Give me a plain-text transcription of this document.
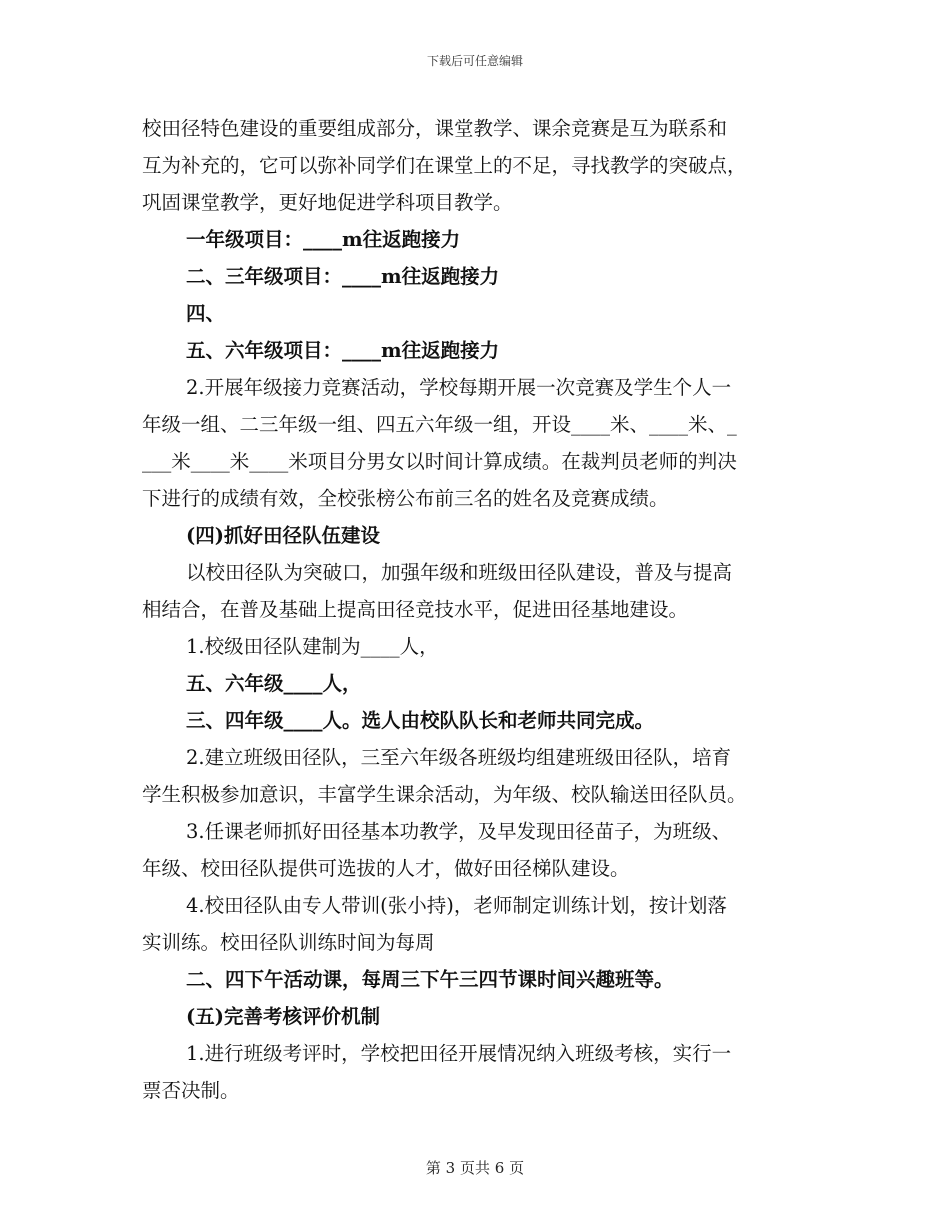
下载后可任意编辑
校田径特色建设的重要组成部分，课堂教学、课余竞赛是互为联系和
互为补充的，它可以弥补同学们在课堂上的不足，寻找教学的突破点，
巩固课堂教学，更好地促进学科项目教学。
一年级项目：____m往返跑接力
二、三年级项目：____m往返跑接力
四、
五、六年级项目：____m往返跑接力
2.开展年级接力竞赛活动，学校每期开展一次竞赛及学生个人一
年级一组、二三年级一组、四五六年级一组，开设____米、____米、_
___米____米____米项目分男女以时间计算成绩。在裁判员老师的判决
下进行的成绩有效，全校张榜公布前三名的姓名及竞赛成绩。
(四)抓好田径队伍建设
以校田径队为突破口，加强年级和班级田径队建设，普及与提高
相结合，在普及基础上提高田径竞技水平，促进田径基地建设。
1.校级田径队建制为____人，
五、六年级____人，
三、四年级____人。选人由校队队长和老师共同完成。
2.建立班级田径队，三至六年级各班级均组建班级田径队，培育
学生积极参加意识，丰富学生课余活动，为年级、校队输送田径队员。
3.任课老师抓好田径基本功教学，及早发现田径苗子，为班级、
年级、校田径队提供可选拔的人才，做好田径梯队建设。
4.校田径队由专人带训(张小持)，老师制定训练计划，按计划落
实训练。校田径队训练时间为每周
二、四下午活动课，每周三下午三四节课时间兴趣班等。
(五)完善考核评价机制
1.进行班级考评时，学校把田径开展情况纳入班级考核，实行一
票否决制。
第 3 页共 6 页
